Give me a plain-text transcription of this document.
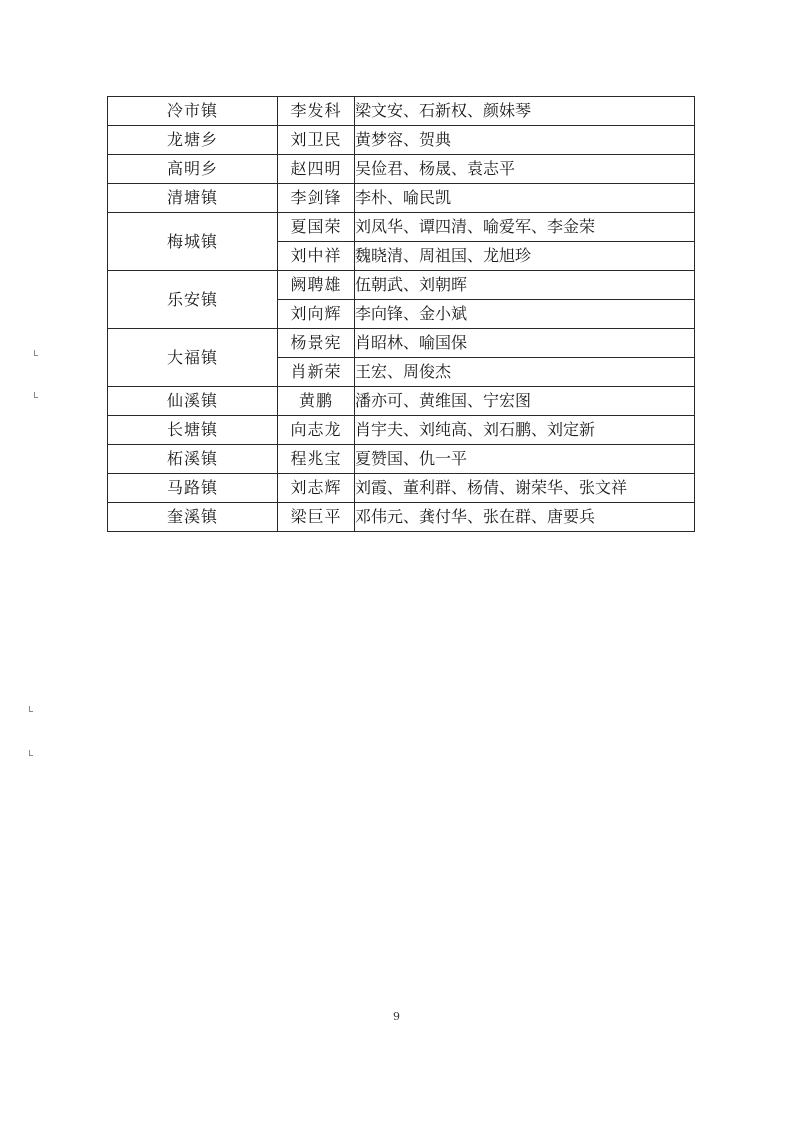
冷市镇	李发科	梁文安、石新权、颜妹琴
龙塘乡	刘卫民	黄梦容、贺典
高明乡	赵四明	吴俭君、杨晟、袁志平
清塘镇	李剑锋	李朴、喻民凯
梅城镇	夏国荣	刘凤华、谭四清、喻爱军、李金荣
	刘中祥	魏晓清、周祖国、龙旭珍
乐安镇	阙聘雄	伍朝武、刘朝晖
	刘向辉	李向锋、金小斌
大福镇	杨景宪	肖昭林、喻国保
	肖新荣	王宏、周俊杰
仙溪镇	黄鹏	潘亦可、黄维国、宁宏图
长塘镇	向志龙	肖宇夫、刘纯高、刘石鹏、刘定新
柘溪镇	程兆宝	夏赞国、仇一平
马路镇	刘志辉	刘霞、董利群、杨倩、谢荣华、张文祥
奎溪镇	梁巨平	邓伟元、龚付华、张在群、唐要兵
9
